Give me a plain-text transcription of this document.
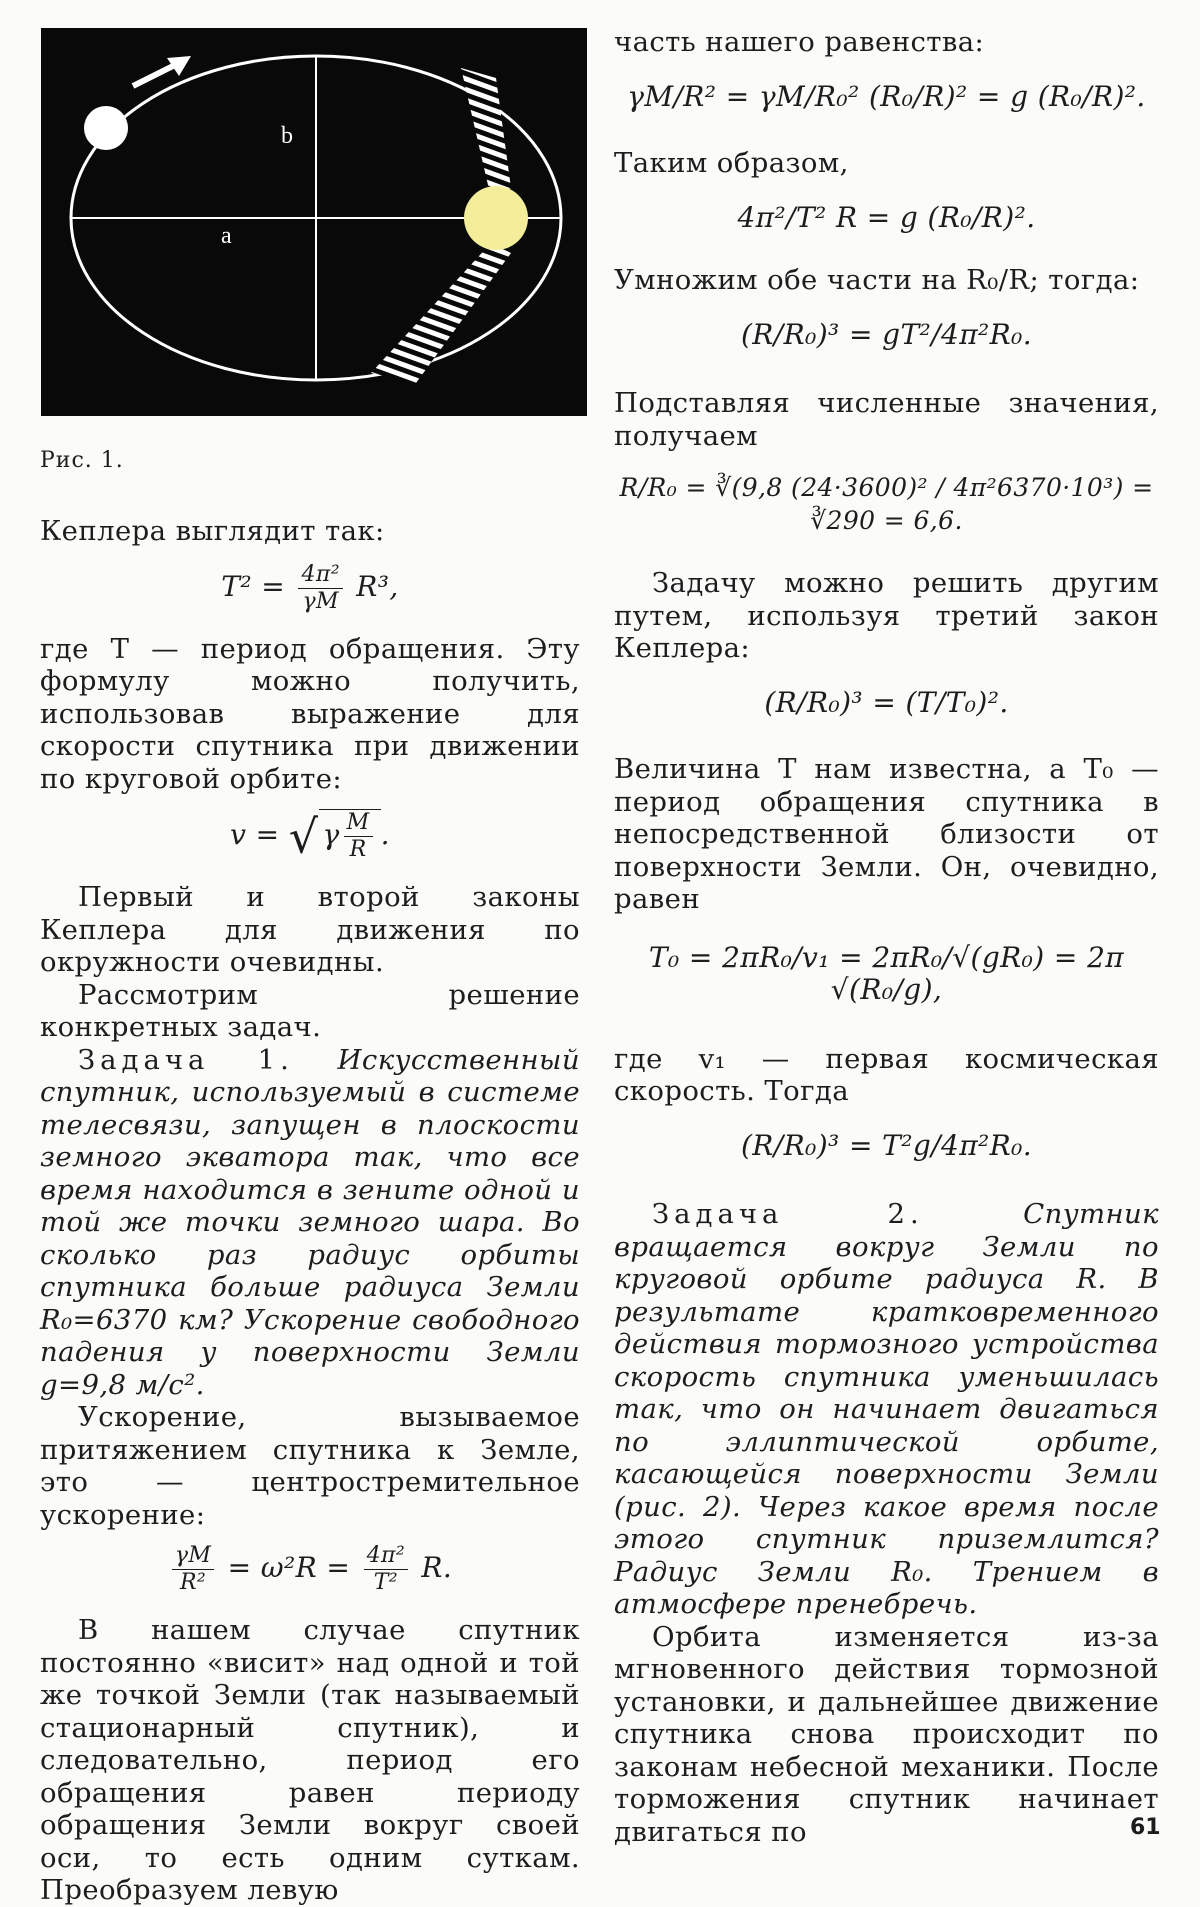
b
a
Рис. 1.

Кеплера выглядит так:

$T^2 = \frac{\text{4π²}}{\gamma M} R^3$,

где T — период обращения. Эту формулу можно получить, использовав выражение для скорости спутника при движении по круговой орбите:

v = √ γ $\frac{M}{R}$ .

Первый и второй законы Кеплера для движения по окружности очевидны.

Рассмотрим решение конкретных задач.

Задача 1. Искусственный спутник, используемый в системе телесвязи, запущен в плоскости земного экватора так, что все время находится в зените одной и той же точки земного шара. Во сколько раз радиус орбиты спутника больше радиуса Земли R₀=6370 км? Ускорение свободного падения у поверхности Земли g=9,8 м/с².

Ускорение, вызываемое притяжением спутника к Земле, это — центростремительное ускорение:

$\frac{\gamma M}{\text{R²}} = \omega^2R = \frac{\text{4π²}}{\text{T²}} R$.

В нашем случае спутник постоянно «висит» над одной и той же точкой Земли (так называемый стационарный спутник), и следовательно, период его обращения равен периоду обращения Земли вокруг своей оси, то есть одним суткам. Преобразуем левую

часть нашего равенства:

γM/R² = γM/R₀² (R₀/R)² = g (R₀/R)².

Таким образом,

4π²/T² R = g (R₀/R)².

Умножим обе части на R₀/R; тогда:

(R/R₀)³ = gT²/4π²R₀.

Подставляя численные значения, получаем

R/R₀ = ∛(9,8 (24·3600)² / 4π²6370·10³) = ∛290 = 6,6.

Задачу можно решить другим путем, используя третий закон Кеплера:

(R/R₀)³ = (T/T₀)².

Величина T нам известна, а T₀ — период обращения спутника в непосредственной близости от поверхности Земли. Он, очевидно, равен

T₀ = 2πR₀/v₁ = 2πR₀/√(gR₀) = 2π √(R₀/g),

где v₁ — первая космическая скорость. Тогда

(R/R₀)³ = T²g/4π²R₀.

Задача 2.	Спутник вращается вокруг Земли по круговой орбите радиуса R. В результате кратковременного действия тормозного устройства скорость спутника уменьшилась так, что он начинает двигаться по эллиптической орбите, касающейся поверхности Земли (рис. 2). Через какое время после этого спутник приземлится? Радиус Земли R₀. Трением в атмосфере пренебречь.

Орбита изменяется из-за мгновенного действия тормозной установки, и дальнейшее движение спутника снова происходит по законам небесной механики. После торможения спутник начинает двигаться по	61
